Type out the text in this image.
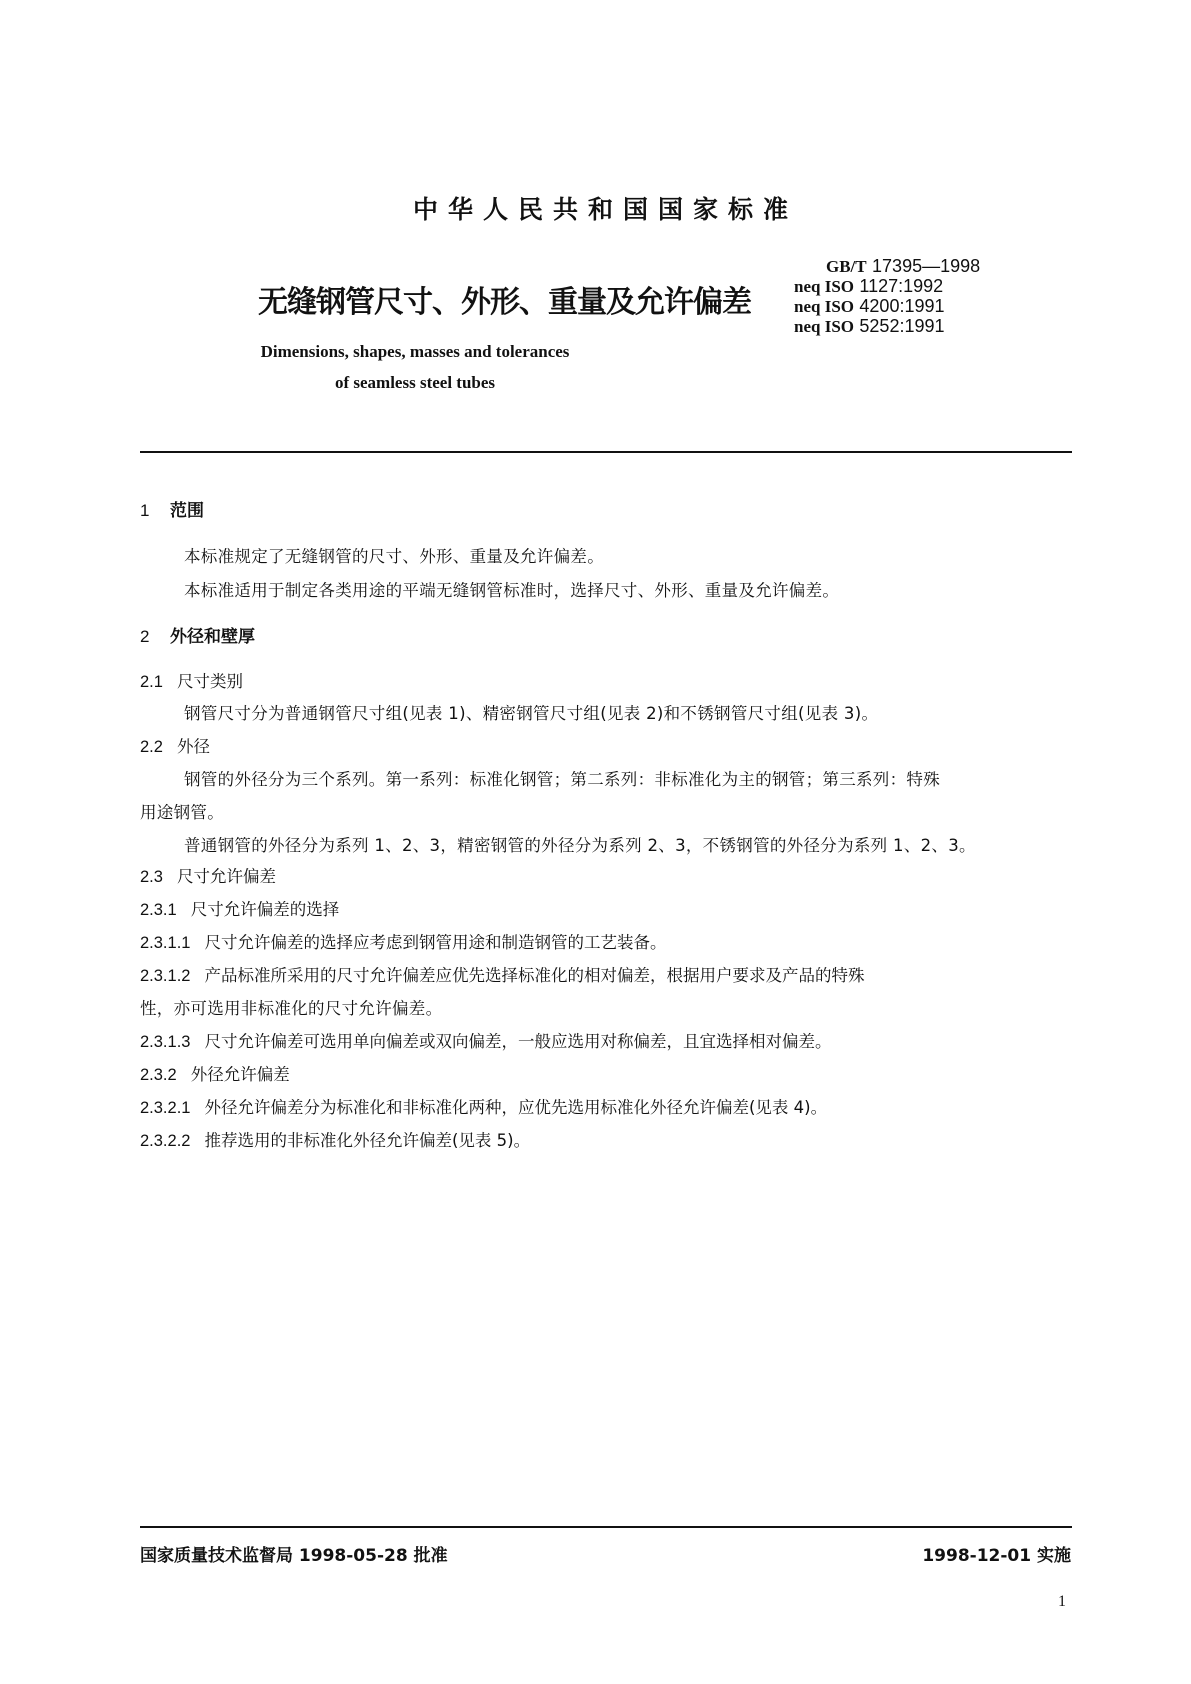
中华人民共和国国家标准
无缝钢管尺寸、外形、重量及允许偏差
GB/T 17395—1998
neq ISO 1127:1992
neq ISO 4200:1991
neq ISO 5252:1991
Dimensions, shapes, masses and tolerances
of seamless steel tubes
1 范围
本标准规定了无缝钢管的尺寸、外形、重量及允许偏差。
本标准适用于制定各类用途的平端无缝钢管标准时，选择尺寸、外形、重量及允许偏差。
2 外径和壁厚
2.1 尺寸类别
钢管尺寸分为普通钢管尺寸组(见表 1)、精密钢管尺寸组(见表 2)和不锈钢管尺寸组(见表 3)。
2.2 外径
钢管的外径分为三个系列。第一系列：标准化钢管；第二系列：非标准化为主的钢管；第三系列：特殊
用途钢管。
普通钢管的外径分为系列 1、2、3，精密钢管的外径分为系列 2、3，不锈钢管的外径分为系列 1、2、3。
2.3 尺寸允许偏差
2.3.1 尺寸允许偏差的选择
2.3.1.1 尺寸允许偏差的选择应考虑到钢管用途和制造钢管的工艺装备。
2.3.1.2 产品标准所采用的尺寸允许偏差应优先选择标准化的相对偏差，根据用户要求及产品的特殊
性，亦可选用非标准化的尺寸允许偏差。
2.3.1.3 尺寸允许偏差可选用单向偏差或双向偏差，一般应选用对称偏差，且宜选择相对偏差。
2.3.2 外径允许偏差
2.3.2.1 外径允许偏差分为标准化和非标准化两种，应优先选用标准化外径允许偏差(见表 4)。
2.3.2.2 推荐选用的非标准化外径允许偏差(见表 5)。
国家质量技术监督局 1998-05-28 批准	1998-12-01 实施
1
